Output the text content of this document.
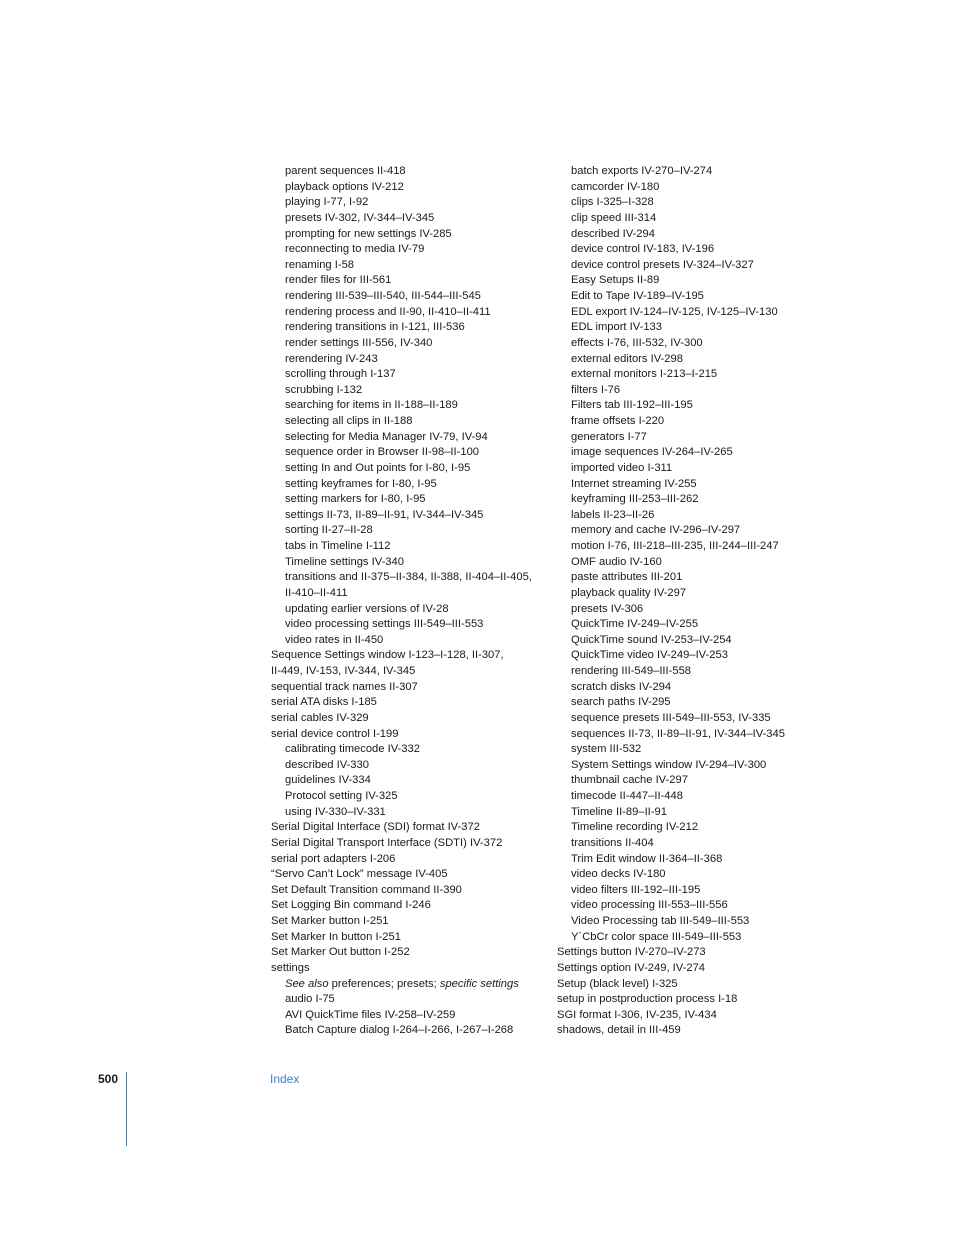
parent sequences II-418
playback options IV-212
playing I-77, I-92
presets IV-302, IV-344–IV-345
prompting for new settings IV-285
reconnecting to media IV-79
renaming I-58
render files for III-561
rendering III-539–III-540, III-544–III-545
rendering process and II-90, II-410–II-411
rendering transitions in I-121, III-536
render settings III-556, IV-340
rerendering IV-243
scrolling through I-137
scrubbing I-132
searching for items in II-188–II-189
selecting all clips in II-188
selecting for Media Manager IV-79, IV-94
sequence order in Browser II-98–II-100
setting In and Out points for I-80, I-95
setting keyframes for I-80, I-95
setting markers for I-80, I-95
settings II-73, II-89–II-91, IV-344–IV-345
sorting II-27–II-28
tabs in Timeline I-112
Timeline settings IV-340
transitions and II-375–II-384, II-388, II-404–II-405,
II-410–II-411
updating earlier versions of IV-28
video processing settings III-549–III-553
video rates in II-450
Sequence Settings window I-123–I-128, II-307,
II-449, IV-153, IV-344, IV-345
sequential track names II-307
serial ATA disks I-185
serial cables IV-329
serial device control I-199
calibrating timecode IV-332
described IV-330
guidelines IV-334
Protocol setting IV-325
using IV-330–IV-331
Serial Digital Interface (SDI) format IV-372
Serial Digital Transport Interface (SDTI) IV-372
serial port adapters I-206
“Servo Can’t Lock” message IV-405
Set Default Transition command II-390
Set Logging Bin command I-246
Set Marker button I-251
Set Marker In button I-251
Set Marker Out button I-252
settings
See also preferences; presets; specific settings
audio I-75
AVI QuickTime files IV-258–IV-259
Batch Capture dialog I-264–I-266, I-267–I-268
batch exports IV-270–IV-274
camcorder IV-180
clips I-325–I-328
clip speed III-314
described IV-294
device control IV-183, IV-196
device control presets IV-324–IV-327
Easy Setups II-89
Edit to Tape IV-189–IV-195
EDL export IV-124–IV-125, IV-125–IV-130
EDL import IV-133
effects I-76, III-532, IV-300
external editors IV-298
external monitors I-213–I-215
filters I-76
Filters tab III-192–III-195
frame offsets I-220
generators I-77
image sequences IV-264–IV-265
imported video I-311
Internet streaming IV-255
keyframing III-253–III-262
labels II-23–II-26
memory and cache IV-296–IV-297
motion I-76, III-218–III-235, III-244–III-247
OMF audio IV-160
paste attributes III-201
playback quality IV-297
presets IV-306
QuickTime IV-249–IV-255
QuickTime sound IV-253–IV-254
QuickTime video IV-249–IV-253
rendering III-549–III-558
scratch disks IV-294
search paths IV-295
sequence presets III-549–III-553, IV-335
sequences II-73, II-89–II-91, IV-344–IV-345
system III-532
System Settings window IV-294–IV-300
thumbnail cache IV-297
timecode II-447–II-448
Timeline II-89–II-91
Timeline recording IV-212
transitions II-404
Trim Edit window II-364–II-368
video decks IV-180
video filters III-192–III-195
video processing III-553–III-556
Video Processing tab III-549–III-553
Y´CbCr color space III-549–III-553
Settings button IV-270–IV-273
Settings option IV-249, IV-274
Setup (black level) I-325
setup in postproduction process I-18
SGI format I-306, IV-235, IV-434
shadows, detail in III-459
500	Index
